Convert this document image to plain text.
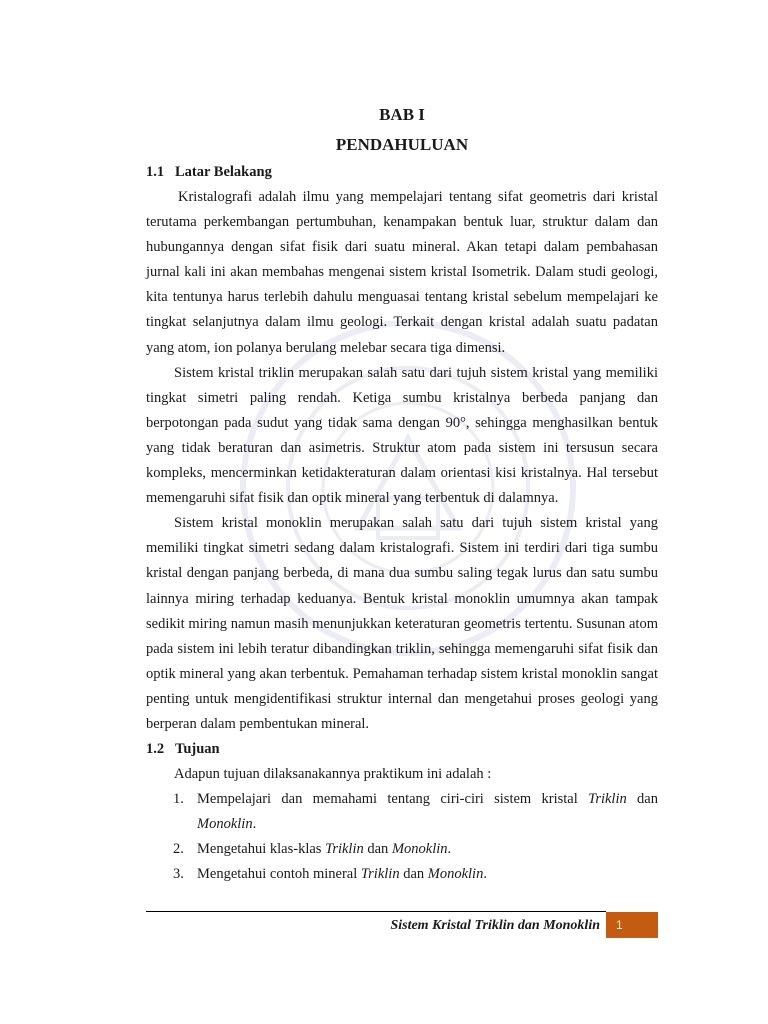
BAB I

PENDAHULUAN

1.1 Latar Belakang

Kristalografi adalah ilmu yang mempelajari tentang sifat geometris dari kristal terutama perkembangan pertumbuhan, kenampakan bentuk luar, struktur dalam dan hubungannya dengan sifat fisik dari suatu mineral. Akan tetapi dalam pembahasan jurnal kali ini akan membahas mengenai sistem kristal Isometrik. Dalam studi geologi, kita tentunya harus terlebih dahulu menguasai tentang kristal sebelum mempelajari ke tingkat selanjutnya dalam ilmu geologi. Terkait dengan kristal adalah suatu padatan yang atom, ion polanya berulang melebar secara tiga dimensi.

Sistem kristal triklin merupakan salah satu dari tujuh sistem kristal yang memiliki tingkat simetri paling rendah. Ketiga sumbu kristalnya berbeda panjang dan berpotongan pada sudut yang tidak sama dengan 90°, sehingga menghasilkan bentuk yang tidak beraturan dan asimetris. Struktur atom pada sistem ini tersusun secara kompleks, mencerminkan ketidakteraturan dalam orientasi kisi kristalnya. Hal tersebut memengaruhi sifat fisik dan optik mineral yang terbentuk di dalamnya.

Sistem kristal monoklin merupakan salah satu dari tujuh sistem kristal yang memiliki tingkat simetri sedang dalam kristalografi. Sistem ini terdiri dari tiga sumbu kristal dengan panjang berbeda, di mana dua sumbu saling tegak lurus dan satu sumbu lainnya miring terhadap keduanya. Bentuk kristal monoklin umumnya akan tampak sedikit miring namun masih menunjukkan keteraturan geometris tertentu. Susunan atom pada sistem ini lebih teratur dibandingkan triklin, sehingga memengaruhi sifat fisik dan optik mineral yang akan terbentuk. Pemahaman terhadap sistem kristal monoklin sangat penting untuk mengidentifikasi struktur internal dan mengetahui proses geologi yang berperan dalam pembentukan mineral.

1.2 Tujuan

Adapun tujuan dilaksanakannya praktikum ini adalah :

1. Mempelajari dan memahami tentang ciri-ciri sistem kristal Triklin dan Monoklin.
2. Mengetahui klas-klas Triklin dan Monoklin.
3. Mengetahui contoh mineral Triklin dan Monoklin.
Sistem Kristal Triklin dan Monoklin	1
